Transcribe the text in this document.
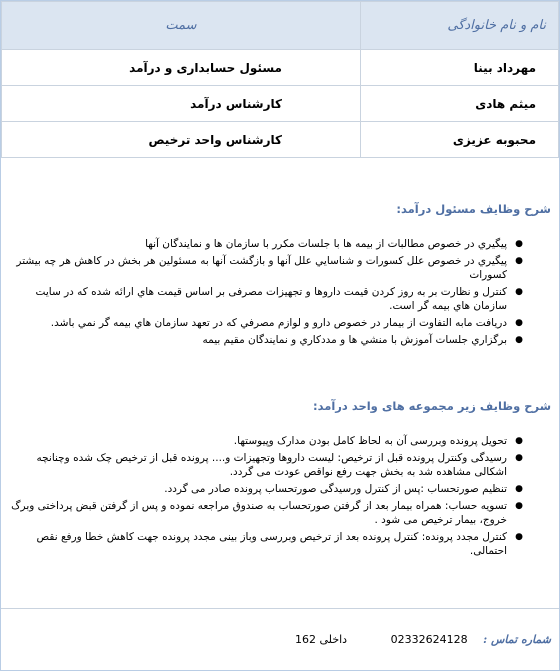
نام و نام خانوادگی	سمت
مهرداد بینا	مسئول حسابداری و درآمد
میثم هادی	کارشناس درآمد
محبوبه عزیزی	کارشناس واحد ترخیص
شرح وظایف مسئول درآمد:
●
پیگیري در خصوص مطالبات از بیمه ها با جلسات مکرر با سازمان ها و نمایندگان آنها
●
پیگیري در خصوص علل کسورات و شناسایي علل آنها و بازگشت آنها به مسئولین هر بخش در کاهش هر چه بیشتر کسورات
●
کنترل و نظارت بر به روز کردن قیمت داروها و تجهیزات مصرفی بر اساس قیمت هاي ارائه شده که در سایت سازمان هاي بیمه گر است.
●
دریافت مابه التفاوت از بیمار در خصوص دارو و لوازم مصرفي که در تعهد سازمان هاي بیمه گر نمي باشد.
●
برگزاري جلسات آموزش با منشي ها و مددکاري و نمایندگان مقیم بیمه
شرح وظایف زیر مجموعه های واحد درآمد:
●
تحویل پرونده وبررسی آن به لحاظ کامل بودن مدارک وپیوستها.
●
رسیدگی وکنترل پرونده قبل از ترخیص: لیست داروها وتجهیزات و.... پرونده قبل از ترخیص چک شده وچنانچه اشکالی مشاهده شد به بخش جهت رفع نواقص عودت می گردد.
●
تنظیم صورتحساب :پس از کنترل ورسیدگی صورتحساب پرونده صادر می گردد.
●
تسویه حساب: همراه بیمار بعد از گرفتن صورتحساب به صندوق مراجعه نموده و پس از گرفتن قبض پرداختی وبرگ خروج، بیمار ترخیص می شود .
●
کنترل مجدد پرونده: کنترل پرونده بعد از ترخیص وبررسی وباز بینی مجدد پرونده جهت کاهش خطا ورفع نقص احتمالی.
شماره تماس : 02332624128 داخلی 162
